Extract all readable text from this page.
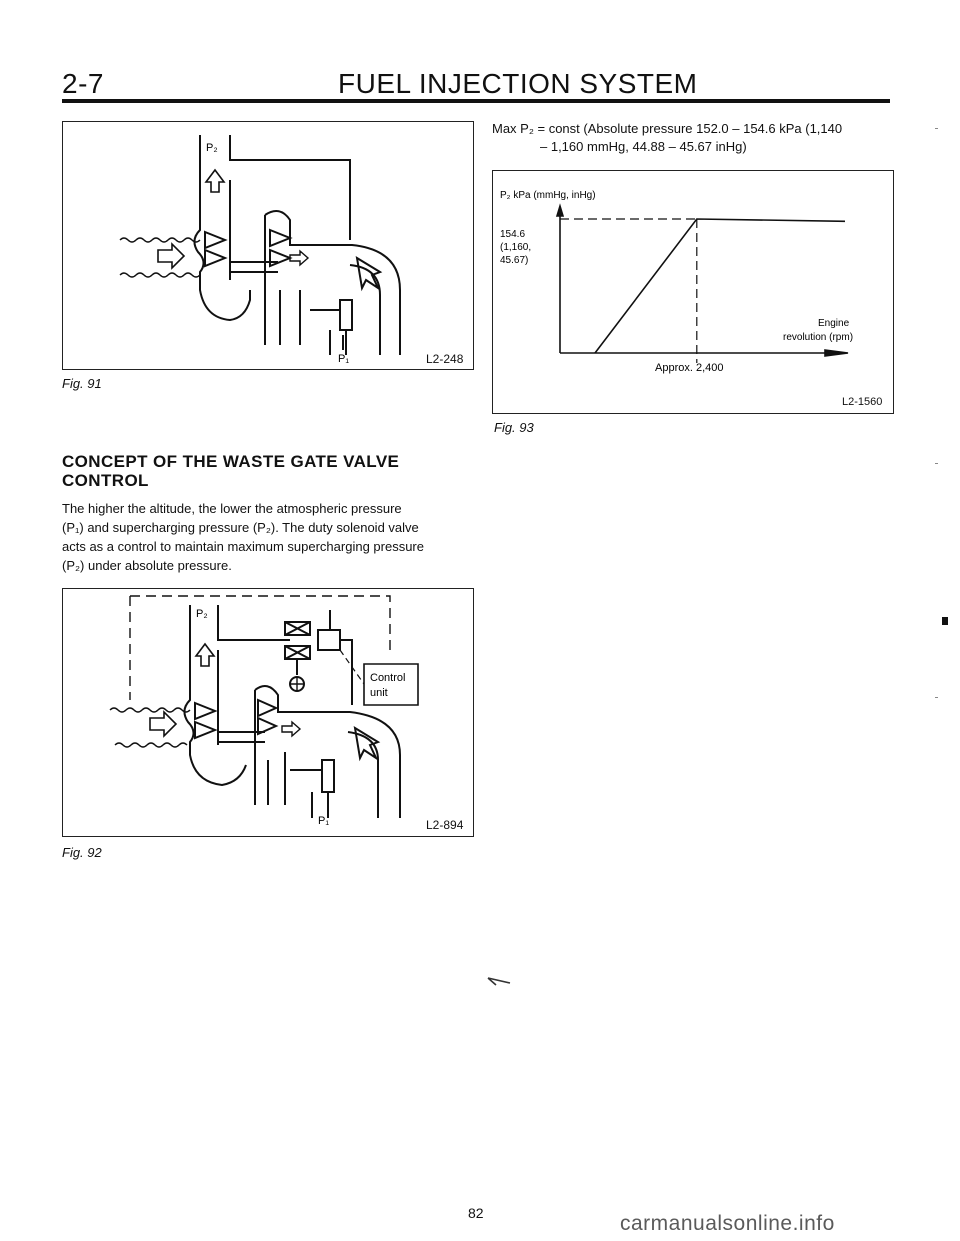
2-7	FUEL INJECTION SYSTEM
P₂
P₁	L2-248
Fig. 91
CONCEPT OF THE WASTE GATE VALVE
CONTROL
The higher the altitude, the lower the atmospheric pressure
(P₁) and supercharging pressure (P₂). The duty solenoid valve
acts as a control to maintain maximum supercharging pressure
(P₂) under absolute pressure.
P₂
P₁
Control
unit
L2-894
Fig. 92
Max P₂ = const (Absolute pressure 152.0 – 154.6 kPa (1,140
– 1,160 mmHg, 44.88 – 45.67 inHg)
P₂ kPa (mmHg, inHg)
154.6
(1,160,
45.67)
Approx. 2,400
Engine
revolution (rpm)
L2-1560
Fig. 93
82	carmanualsonline.info
